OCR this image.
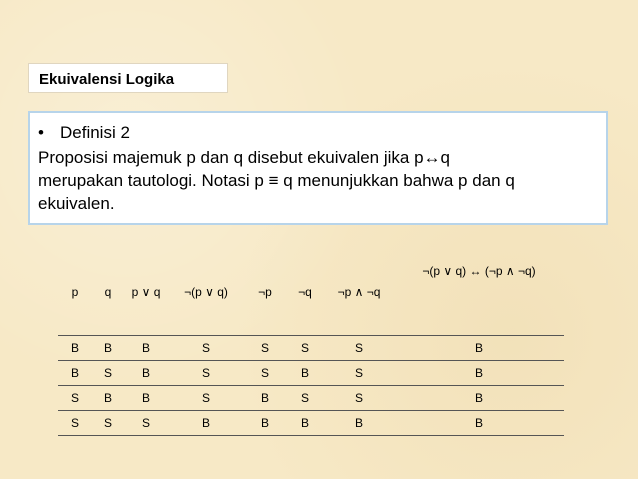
Ekuivalensi Logika
• Definisi 2
Proposisi majemuk p dan q disebut ekuivalen jika p↔q
merupakan tautologi. Notasi p ≡ q menunjukkan bahwa p dan q
ekuivalen.
p	q	p ∨ q	¬(p ∨ q)	¬p	¬q	¬p ∧ ¬q	¬(p ∨ q) ↔ (¬p ∧ ¬q)
B	B	B	S	S	S	S	B
B	S	B	S	S	B	S	B
S	B	B	S	B	S	S	B
S	S	S	B	B	B	B	B
